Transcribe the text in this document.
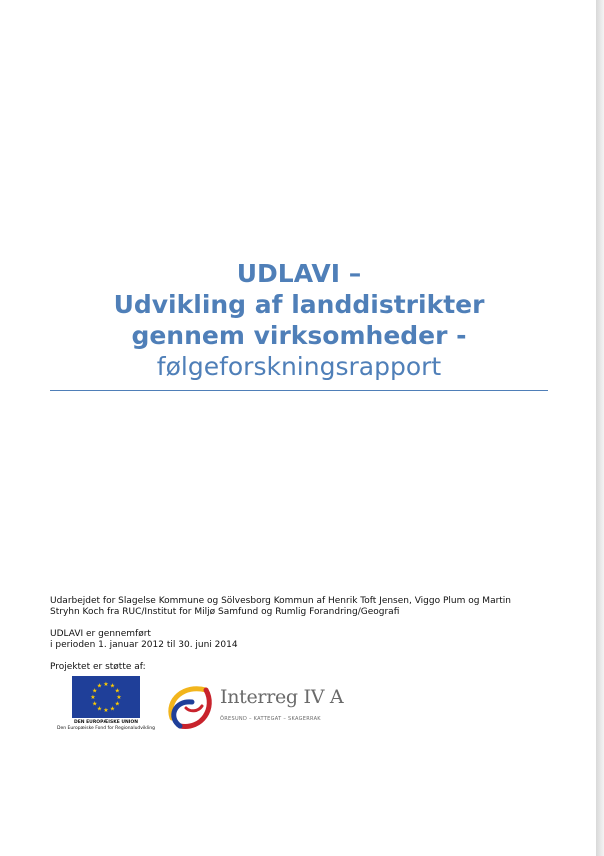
UDLAVI –

Udvikling af landdistrikter

gennem virksomheder -

følgeforskningsrapport

Udarbejdet for Slagelse Kommune og Sölvesborg Kommun af Henrik Toft Jensen, Viggo Plum og Martin

Stryhn Koch fra RUC/Institut for Miljø Samfund og Rumlig Forandring/Geografi

UDLAVI er gennemført

i perioden 1. januar 2012 til 30. juni 2014

Projektet er støtte af:

★ ★
★
★
★
★
★
★
★
★
★
★
DEN EUROPÆISKE UNION
Den Europæiske Fond for Regionaludvikling
Interreg IV A
ÖRESUND – KATTEGAT – SKAGERRAK
